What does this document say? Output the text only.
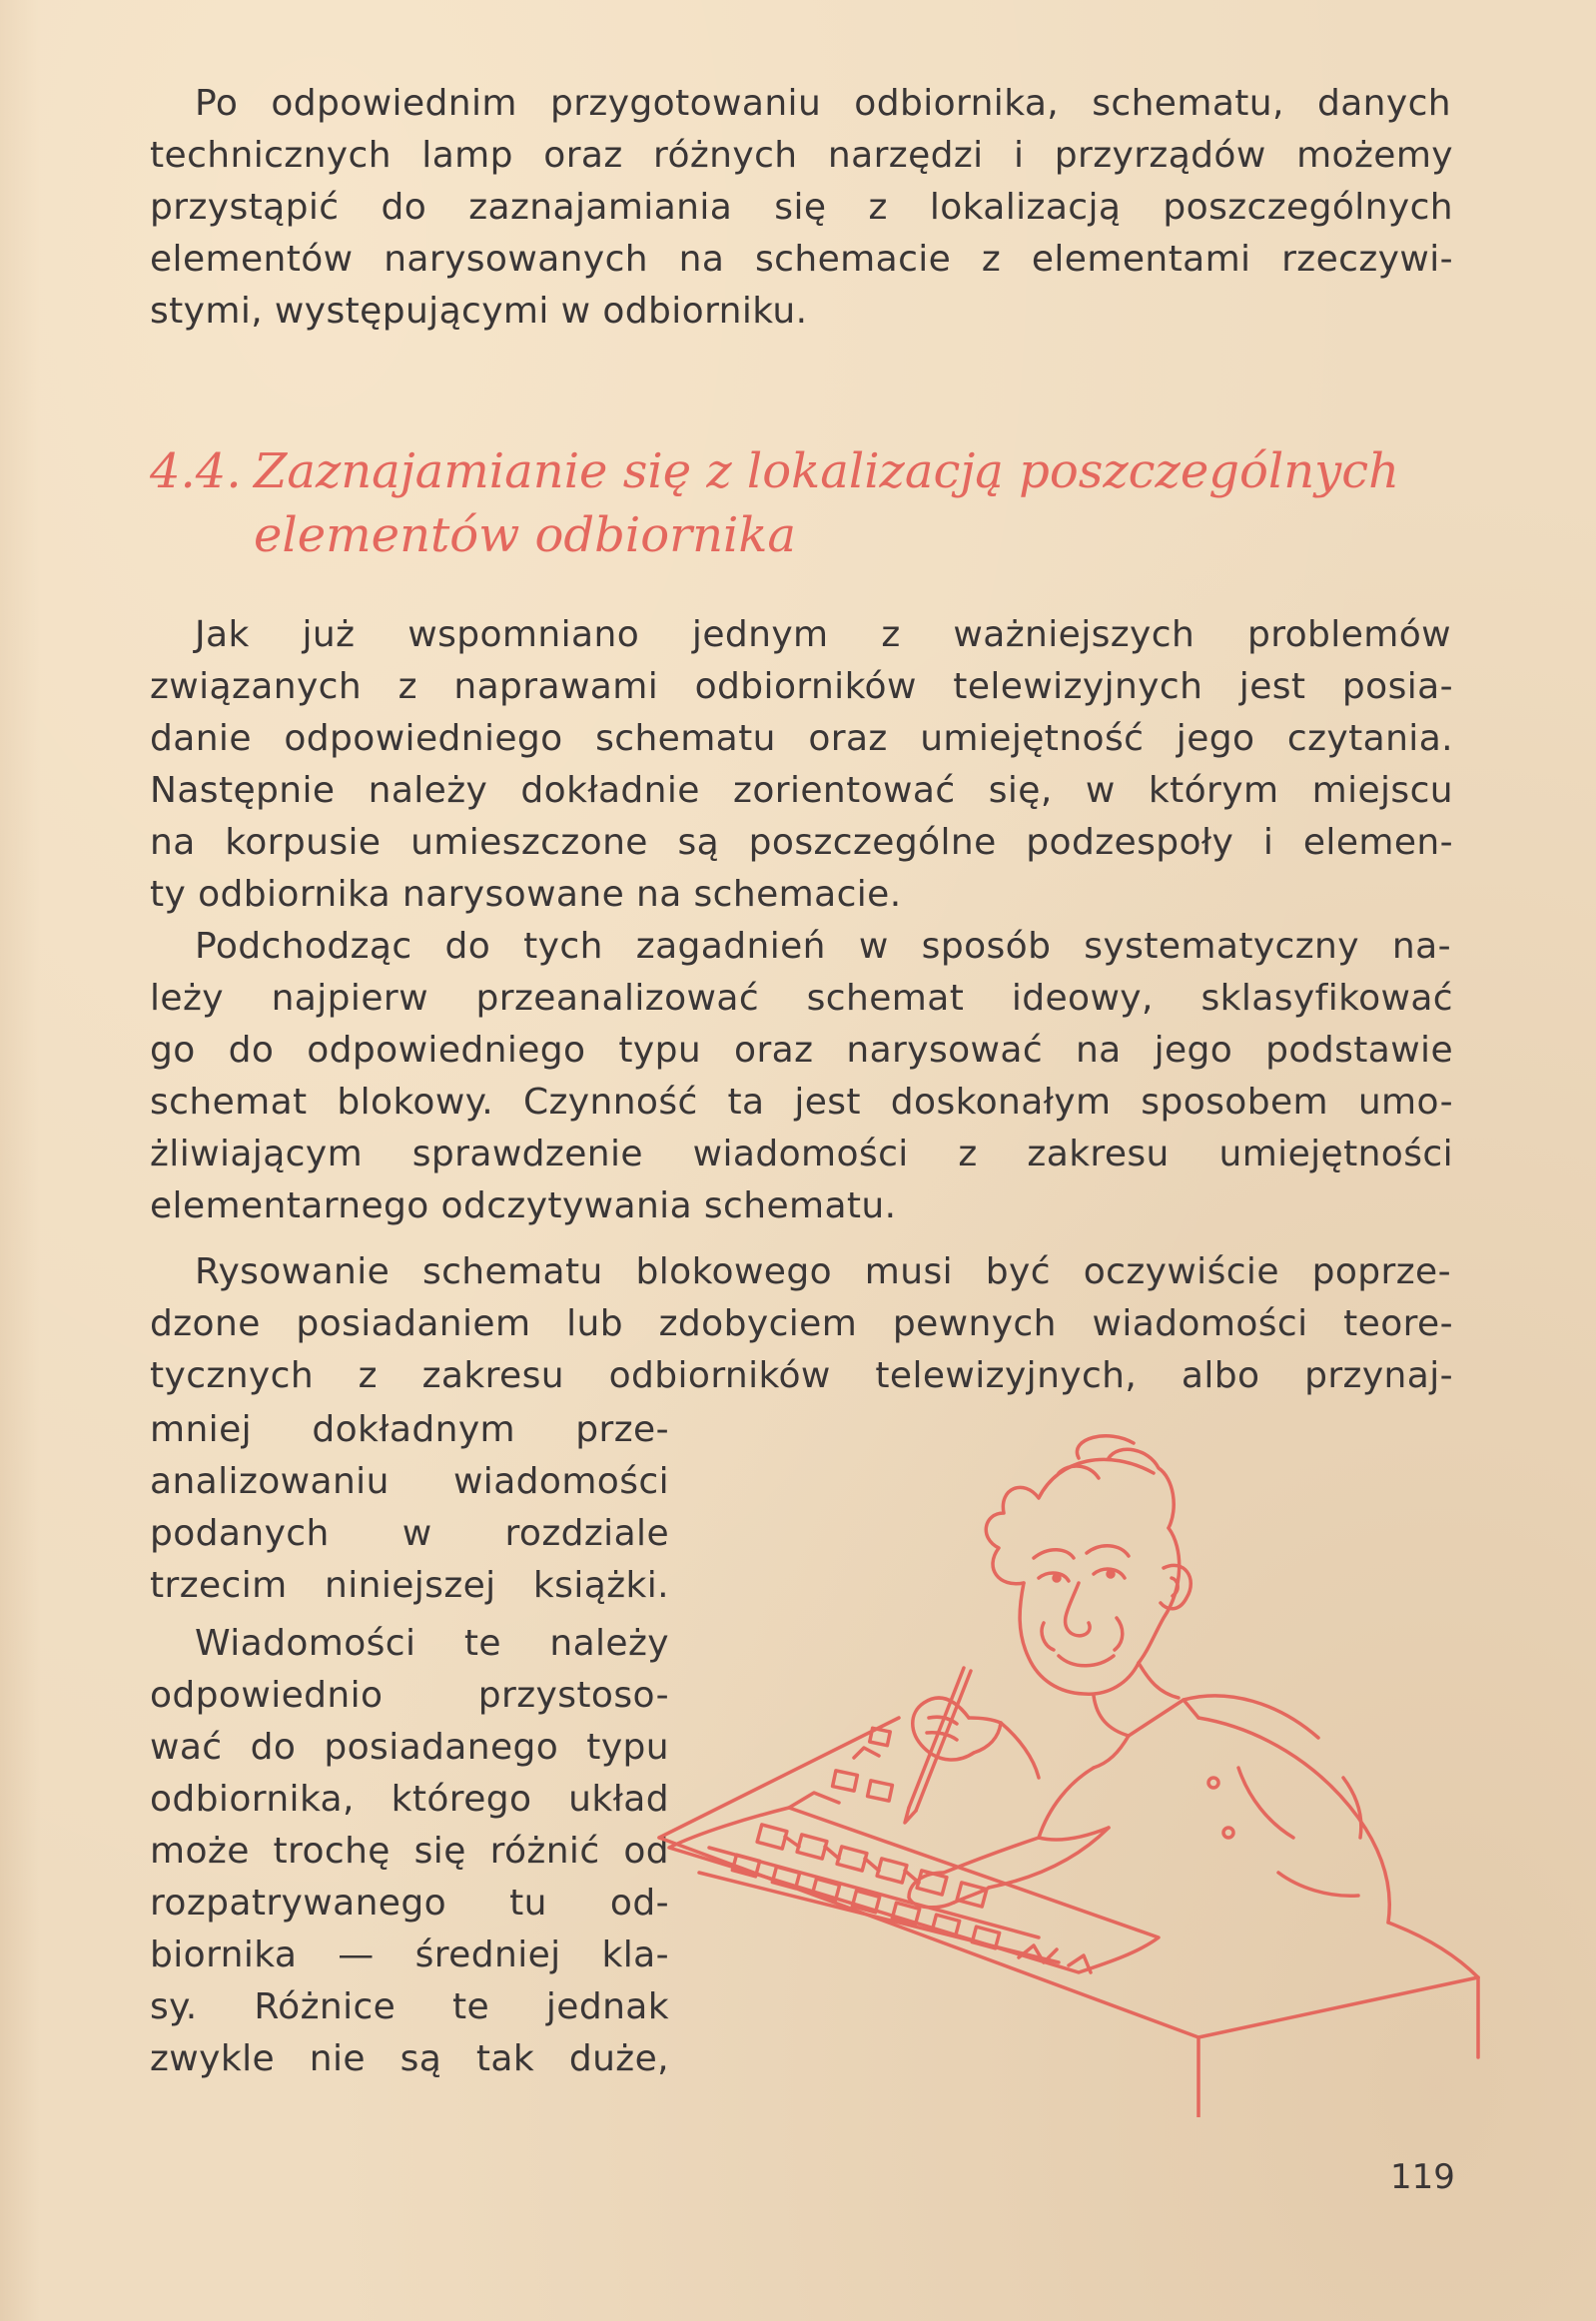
Po odpowiednim przygotowaniu odbiornika, schematu, danych
technicznych lamp oraz różnych narzędzi i przyrządów możemy
przystąpić do zaznajamiania się z lokalizacją poszczególnych
elementów narysowanych na schemacie z elementami rzeczywi-
stymi, występującymi w odbiorniku.
4.4. Zaznajamianie się z lokalizacją poszczególnych
elementów odbiornika
Jak już wspomniano jednym z ważniejszych problemów
związanych z naprawami odbiorników telewizyjnych jest posia-
danie odpowiedniego schematu oraz umiejętność jego czytania.
Następnie należy dokładnie zorientować się, w którym miejscu
na korpusie umieszczone są poszczególne podzespoły i elemen-
ty odbiornika narysowane na schemacie.
Podchodząc do tych zagadnień w sposób systematyczny na-
leży najpierw przeanalizować schemat ideowy, sklasyfikować
go do odpowiedniego typu oraz narysować na jego podstawie
schemat blokowy. Czynność ta jest doskonałym sposobem umo-
żliwiającym sprawdzenie wiadomości z zakresu umiejętności
elementarnego odczytywania schematu.
Rysowanie schematu blokowego musi być oczywiście poprze-
dzone posiadaniem lub zdobyciem pewnych wiadomości teore-
tycznych z zakresu odbiorników telewizyjnych, albo przynaj-
mniej dokładnym prze-
analizowaniu wiadomości
podanych w rozdziale
trzecim niniejszej książki.
Wiadomości te należy
odpowiednio przystoso-
wać do posiadanego typu
odbiornika, którego układ
może trochę się różnić od
rozpatrywanego tu od-
biornika — średniej kla-
sy. Różnice te jednak
zwykle nie są tak duże,
119
